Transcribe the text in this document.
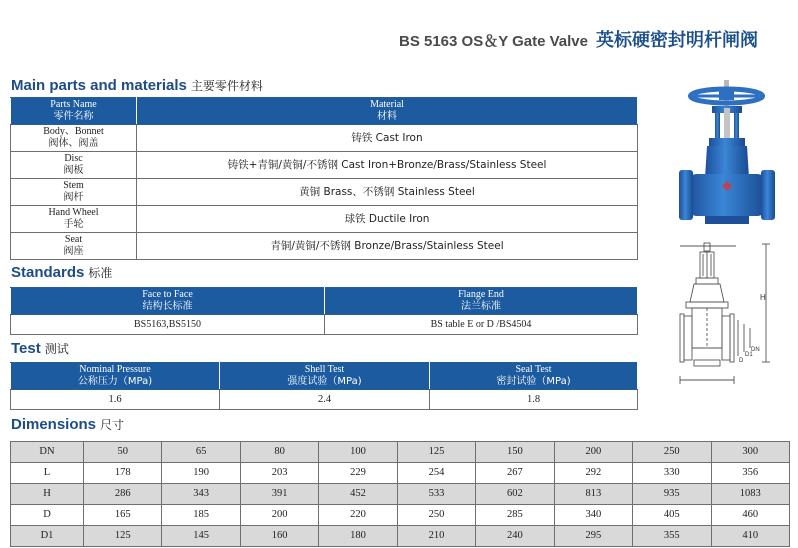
BS 5163 OS＆Y Gate Valve 英标硬密封明杆闸阀
Main parts and materials 主要零件材料
Parts Name
零件名称	Material
材料

Body、Bonnet
阀体、阀盖	铸铁 Cast Iron

Disc
阀板	铸铁+青铜/黄铜/不锈钢 Cast Iron+Bronze/Brass/Stainless Steel

Stem
阀杆	黄铜 Brass、不锈钢 Stainless Steel

Hand Wheel
手轮	球铁 Ductile Iron

Seat
阀座	青铜/黄铜/不锈钢 Bronze/Brass/Stainless Steel
Standards 标准
Face to Face
结构长标准	Flange End
法兰标准

BS5163,BS5150	BS table E or D /BS4504
Test 测试
Nominal Pressure
公称压力（MPa)	Shell Test
强度试验（MPa)	Seal Test
密封试验（MPa)

1.6	2.4	1.8
Dimensions 尺寸
DN	50	65	80	100	125	150	200	250	300
L	178	190	203	229	254	267	292	330	356
H	286	343	391	452	533	602	813	935	1083
D	165	185	200	220	250	285	340	405	460
D1	125	145	160	180	210	240	295	355	410
H
D
D1
DN
